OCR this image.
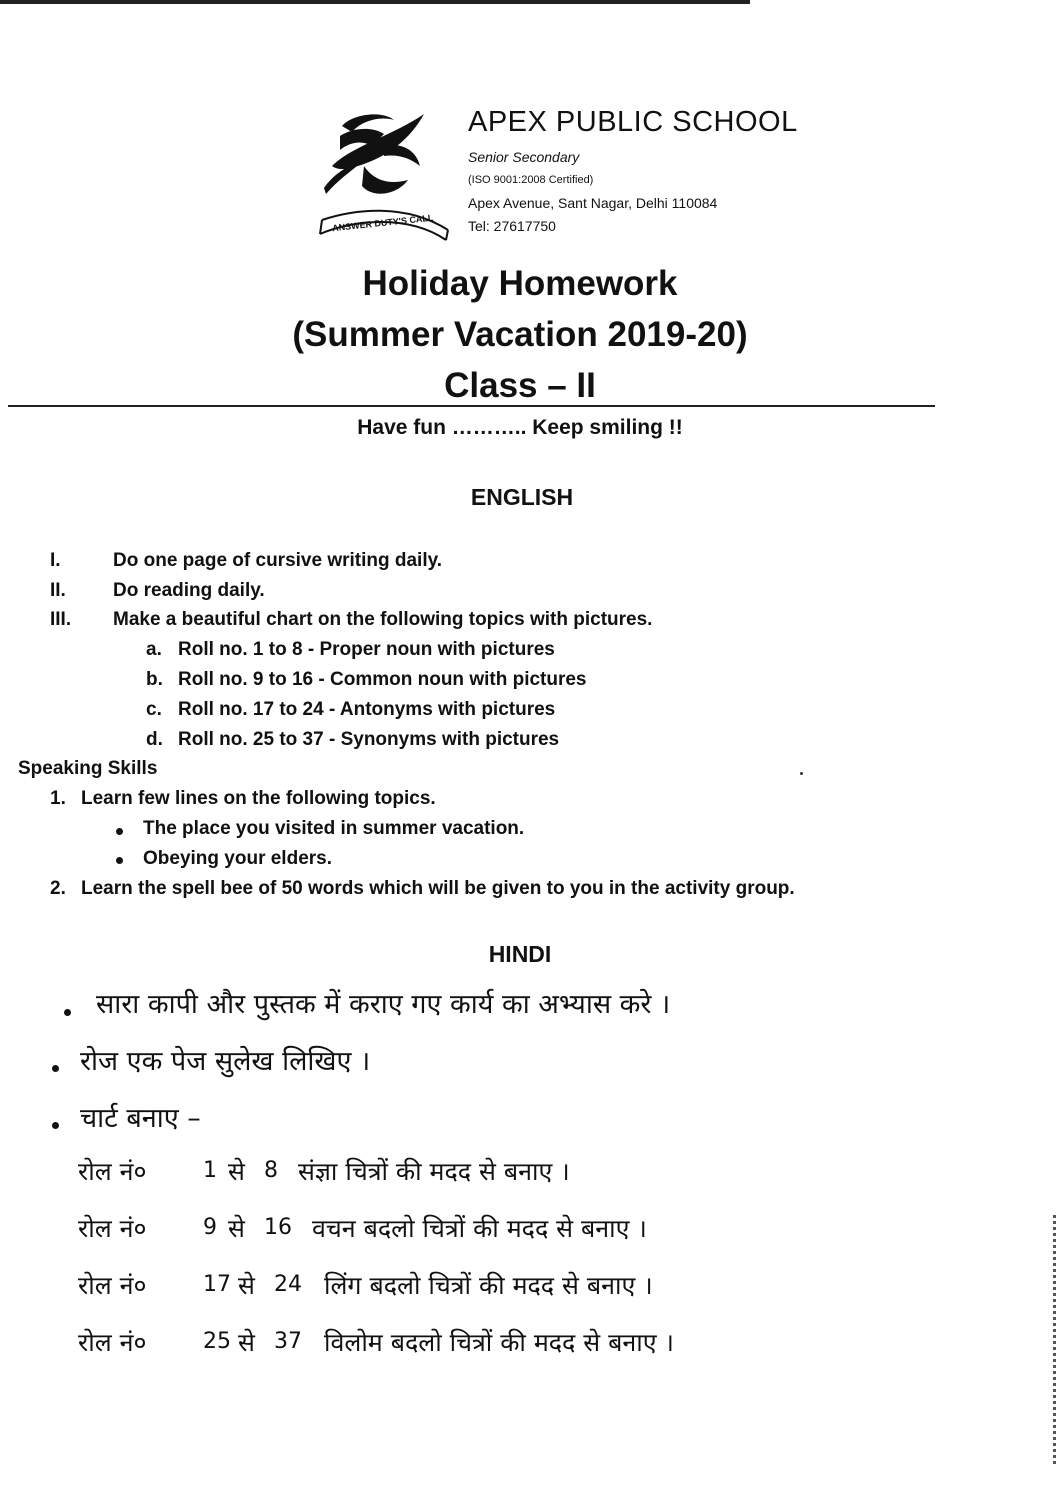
ANSWER DUTY'S CALL
APEX PUBLIC SCHOOL
Senior Secondary
(ISO 9001:2008 Certified)
Apex Avenue, Sant Nagar, Delhi 110084
Tel: 27617750
Holiday Homework
(Summer Vacation 2019-20)
Class – II
Have fun ……….. Keep smiling !!
ENGLISH
I.	Do one page of cursive writing daily.
II. Do reading daily.
III. Make a beautiful chart on the following topics with pictures.
a. Roll no. 1 to 8 - Proper noun with pictures
b. Roll no. 9 to 16 - Common noun with pictures
c. Roll no. 17 to 24 - Antonyms with pictures
d. Roll no. 25 to 37 - Synonyms with pictures
Speaking Skills
1. Learn few lines on the following topics.
The place you visited in summer vacation.
Obeying your elders.
2. Learn the spell bee of 50 words which will be given to you in the activity group.
HINDI
सारा कापी और पुस्तक में कराए गए कार्य का अभ्यास करे ।
रोज एक पेज सुलेख लिखिए ।
चार्ट बनाए –
रोल नं०	1 से 8 संज्ञा चित्रों की मदद से बनाए ।
रोल नं०	9 से 16 वचन बदलो चित्रों की मदद से बनाए ।
रोल नं०	17 से 24 लिंग बदलो चित्रों की मदद से बनाए ।
रोल नं०	25 से 37 विलोम बदलो चित्रों की मदद से बनाए ।
